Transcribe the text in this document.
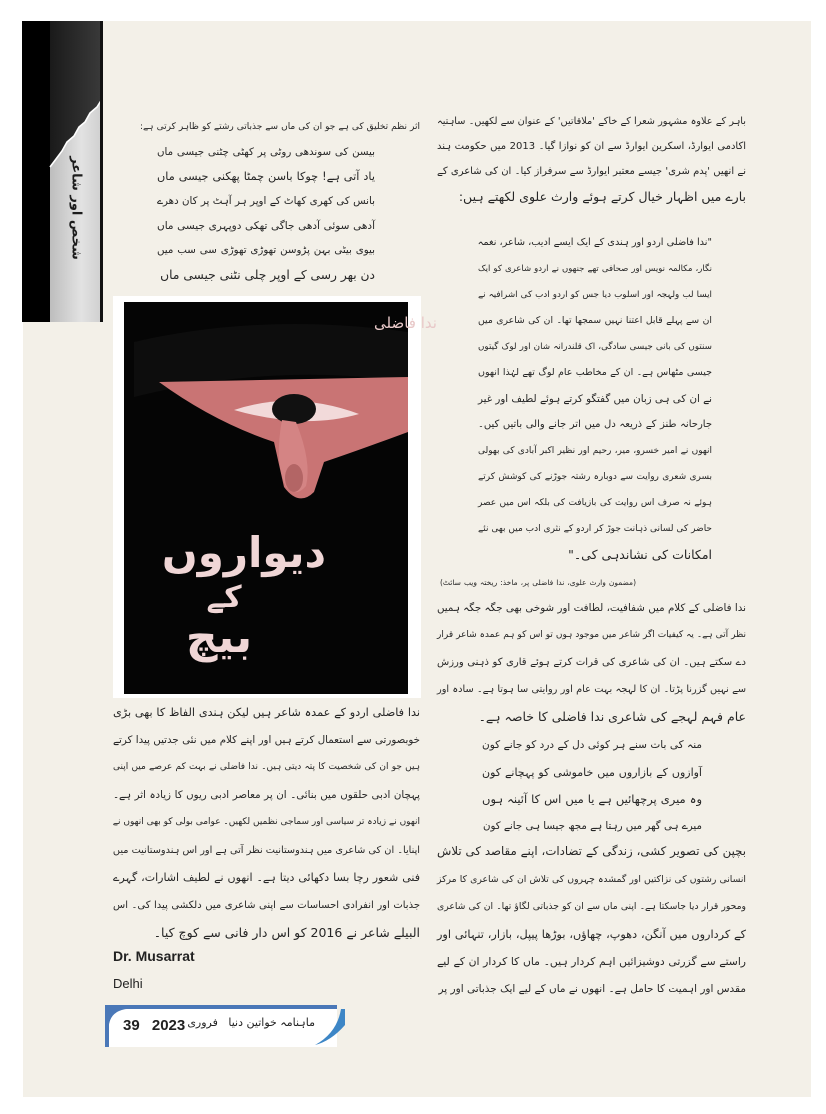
شخص اور شاعر
باہر کے علاوہ مشہور شعرا کے خاکے 'ملاقاتیں' کے عنوان سے لکھیں۔ ساہتیہ
اکادمی ایوارڈ، اسکرین ایوارڈ سے ان کو نوازا گیا۔ 2013 میں حکومت ہند
نے انھیں 'پدم شری' جیسے معتبر ایوارڈ سے سرفراز کیا۔ ان کی شاعری کے
بارے میں اظہار خیال کرتے ہوئے وارث علوی لکھتے ہیں:
"ندا فاضلی اردو اور ہندی کے ایک ایسے ادیب، شاعر، نغمہ
نگار، مکالمہ نویس اور صحافی تھے جنھوں نے اردو شاعری کو ایک
ایسا لب ولہجہ اور اسلوب دیا جس کو اردو ادب کی اشرافیہ نے
ان سے پہلے قابل اعتنا نہیں سمجھا تھا۔ ان کی شاعری میں
سنتوں کی بانی جیسی سادگی، اک قلندرانہ شان اور لوک گیتوں
جیسی مٹھاس ہے۔ ان کے مخاطب عام لوگ تھے لہٰذا انھوں
نے ان کی ہی زبان میں گفتگو کرتے ہوئے لطیف اور غیر
جارحانہ طنز کے ذریعہ دل میں اتر جانے والی باتیں کیں۔
انھوں نے امیر خسرو، میر، رحیم اور نظیر اکبر آبادی کی بھولی
بسری شعری روایت سے دوبارہ رشتہ جوڑنے کی کوشش کرتے
ہوئے نہ صرف اس روایت کی بازیافت کی بلکہ اس میں عصر
حاضر کی لسانی ذہانت جوڑ کر اردو کے نثری ادب میں بھی نئے
امکانات کی نشاندہی کی۔"
(مضمون وارث علوی، ندا فاضلی پر، ماخذ: ریختہ ویب سائٹ)
ندا فاضلی کے کلام میں شفافیت، لطافت اور شوخی بھی جگہ جگہ ہمیں
نظر آتی ہے۔ یہ کیفیات اگر شاعر میں موجود ہوں تو اس کو ہم عمدہ شاعر قرار
دے سکتے ہیں۔ ان کی شاعری کی قرات کرتے ہوئے قاری کو ذہنی ورزش
سے نہیں گزرنا پڑتا۔ ان کا لہجہ بہت عام اور روایتی سا ہوتا ہے۔ سادہ اور
عام فہم لہجے کی شاعری ندا فاضلی کا خاصہ ہے۔
منہ کی بات سنے ہر کوئی دل کے درد کو جانے کون
آوازوں کے بازاروں میں خاموشی کو پہچانے کون
وہ میری پرچھائیں ہے یا میں اس کا آئینہ ہوں
میرے ہی گھر میں رہتا ہے مجھ جیسا ہی جانے کون
بچپن کی تصویر کشی، زندگی کے تضادات، اپنے مقاصد کی تلاش
انسانی رشتوں کی نزاکتیں اور گمشدہ چہروں کی تلاش ان کی شاعری کا مرکز
ومحور قرار دیا جاسکتا ہے۔ اپنی ماں سے ان کو جذباتی لگاؤ تھا۔ ان کی شاعری
کے کرداروں میں آنگن، دھوپ، چھاؤں، بوڑھا پیپل، بازار، تنہائی اور
راستے سے گزرتی دوشیزائیں اہم کردار ہیں۔ ماں کا کردار ان کے لیے
مقدس اور اہمیت کا حامل ہے۔ انھوں نے ماں کے لیے ایک جذباتی اور پر
اثر نظم تخلیق کی ہے جو ان کی ماں سے جذباتی رشتے کو ظاہر کرتی ہے:
بیسن کی سوندھی روٹی پر کھٹی چٹنی جیسی ماں
یاد آتی ہے! چوکا باسن چمٹا پھکنی جیسی ماں
بانس کی کھری کھاٹ کے اوپر ہر آہٹ پر کان دھرے
آدھی سوئی آدھی جاگی تھکی دوپہری جیسی ماں
بیوی بیٹی بہن پڑوسن تھوڑی تھوڑی سی سب میں
دن بھر رسی کے اوپر چلی نٹنی جیسی ماں
ندا فاضلی
دیواروں
کے
بیچ
ندا فاضلی اردو کے عمدہ شاعر ہیں لیکن ہندی الفاظ کا بھی بڑی
خوبصورتی سے استعمال کرتے ہیں اور اپنے کلام میں نئی جدتیں پیدا کرتے
ہیں جو ان کی شخصیت کا پتہ دیتی ہیں۔ ندا فاضلی نے بہت کم عرصے میں اپنی
پہچان ادبی حلقوں میں بنائی۔ ان پر معاصر ادبی ریوں کا زیادہ اثر ہے۔
انھوں نے زیادہ تر سیاسی اور سماجی نظمیں لکھیں۔ عوامی بولی کو بھی انھوں نے
اپنایا۔ ان کی شاعری میں ہندوستانیت نظر آتی ہے اور اس ہندوستانیت میں
فنی شعور رچا بسا دکھائی دیتا ہے۔ انھوں نے لطیف اشارات، گہرے
جذبات اور انفرادی احساسات سے اپنی شاعری میں دلکشی پیدا کی۔ اس
البیلے شاعر نے 2016 کو اس دار فانی سے کوچ کیا۔
Dr. Musarrat
Delhi
39 2023	ماہنامہ خواتین دنیا   فروری
